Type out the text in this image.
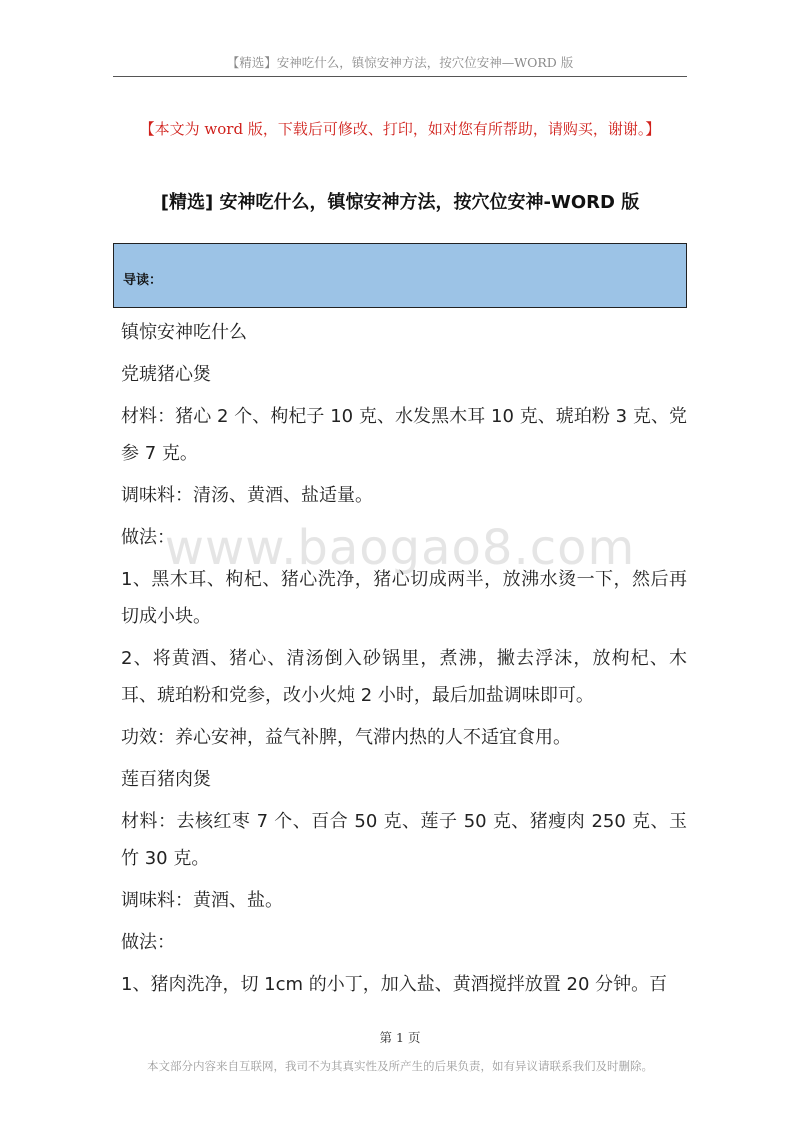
【精选】安神吃什么，镇惊安神方法，按穴位安神—WORD 版
【本文为 word 版，下载后可修改、打印，如对您有所帮助，请购买，谢谢。】
[精选] 安神吃什么，镇惊安神方法，按穴位安神-WORD 版
导读：

镇惊安神吃什么

党琥猪心煲

材料：猪心 2 个、枸杞子 10 克、水发黑木耳 10 克、琥珀粉 3 克、党参 7 克。

调味料：清汤、黄酒、盐适量。

做法：

1、黑木耳、枸杞、猪心洗净，猪心切成两半，放沸水烫一下，然后再切成小块。

2、将黄酒、猪心、清汤倒入砂锅里，煮沸，撇去浮沫，放枸杞、木耳、琥珀粉和党参，改小火炖 2 小时，最后加盐调味即可。

功效：养心安神，益气补脾，气滞内热的人不适宜食用。

莲百猪肉煲

材料：去核红枣 7 个、百合 50 克、莲子 50 克、猪瘦肉 250 克、玉竹 30 克。

调味料：黄酒、盐。

做法：

1、猪肉洗净，切 1cm 的小丁，加入盐、黄酒搅拌放置 20 分钟。百

www.baogao8.com
第 1 页
本文部分内容来自互联网，我司不为其真实性及所产生的后果负责，如有异议请联系我们及时删除。
